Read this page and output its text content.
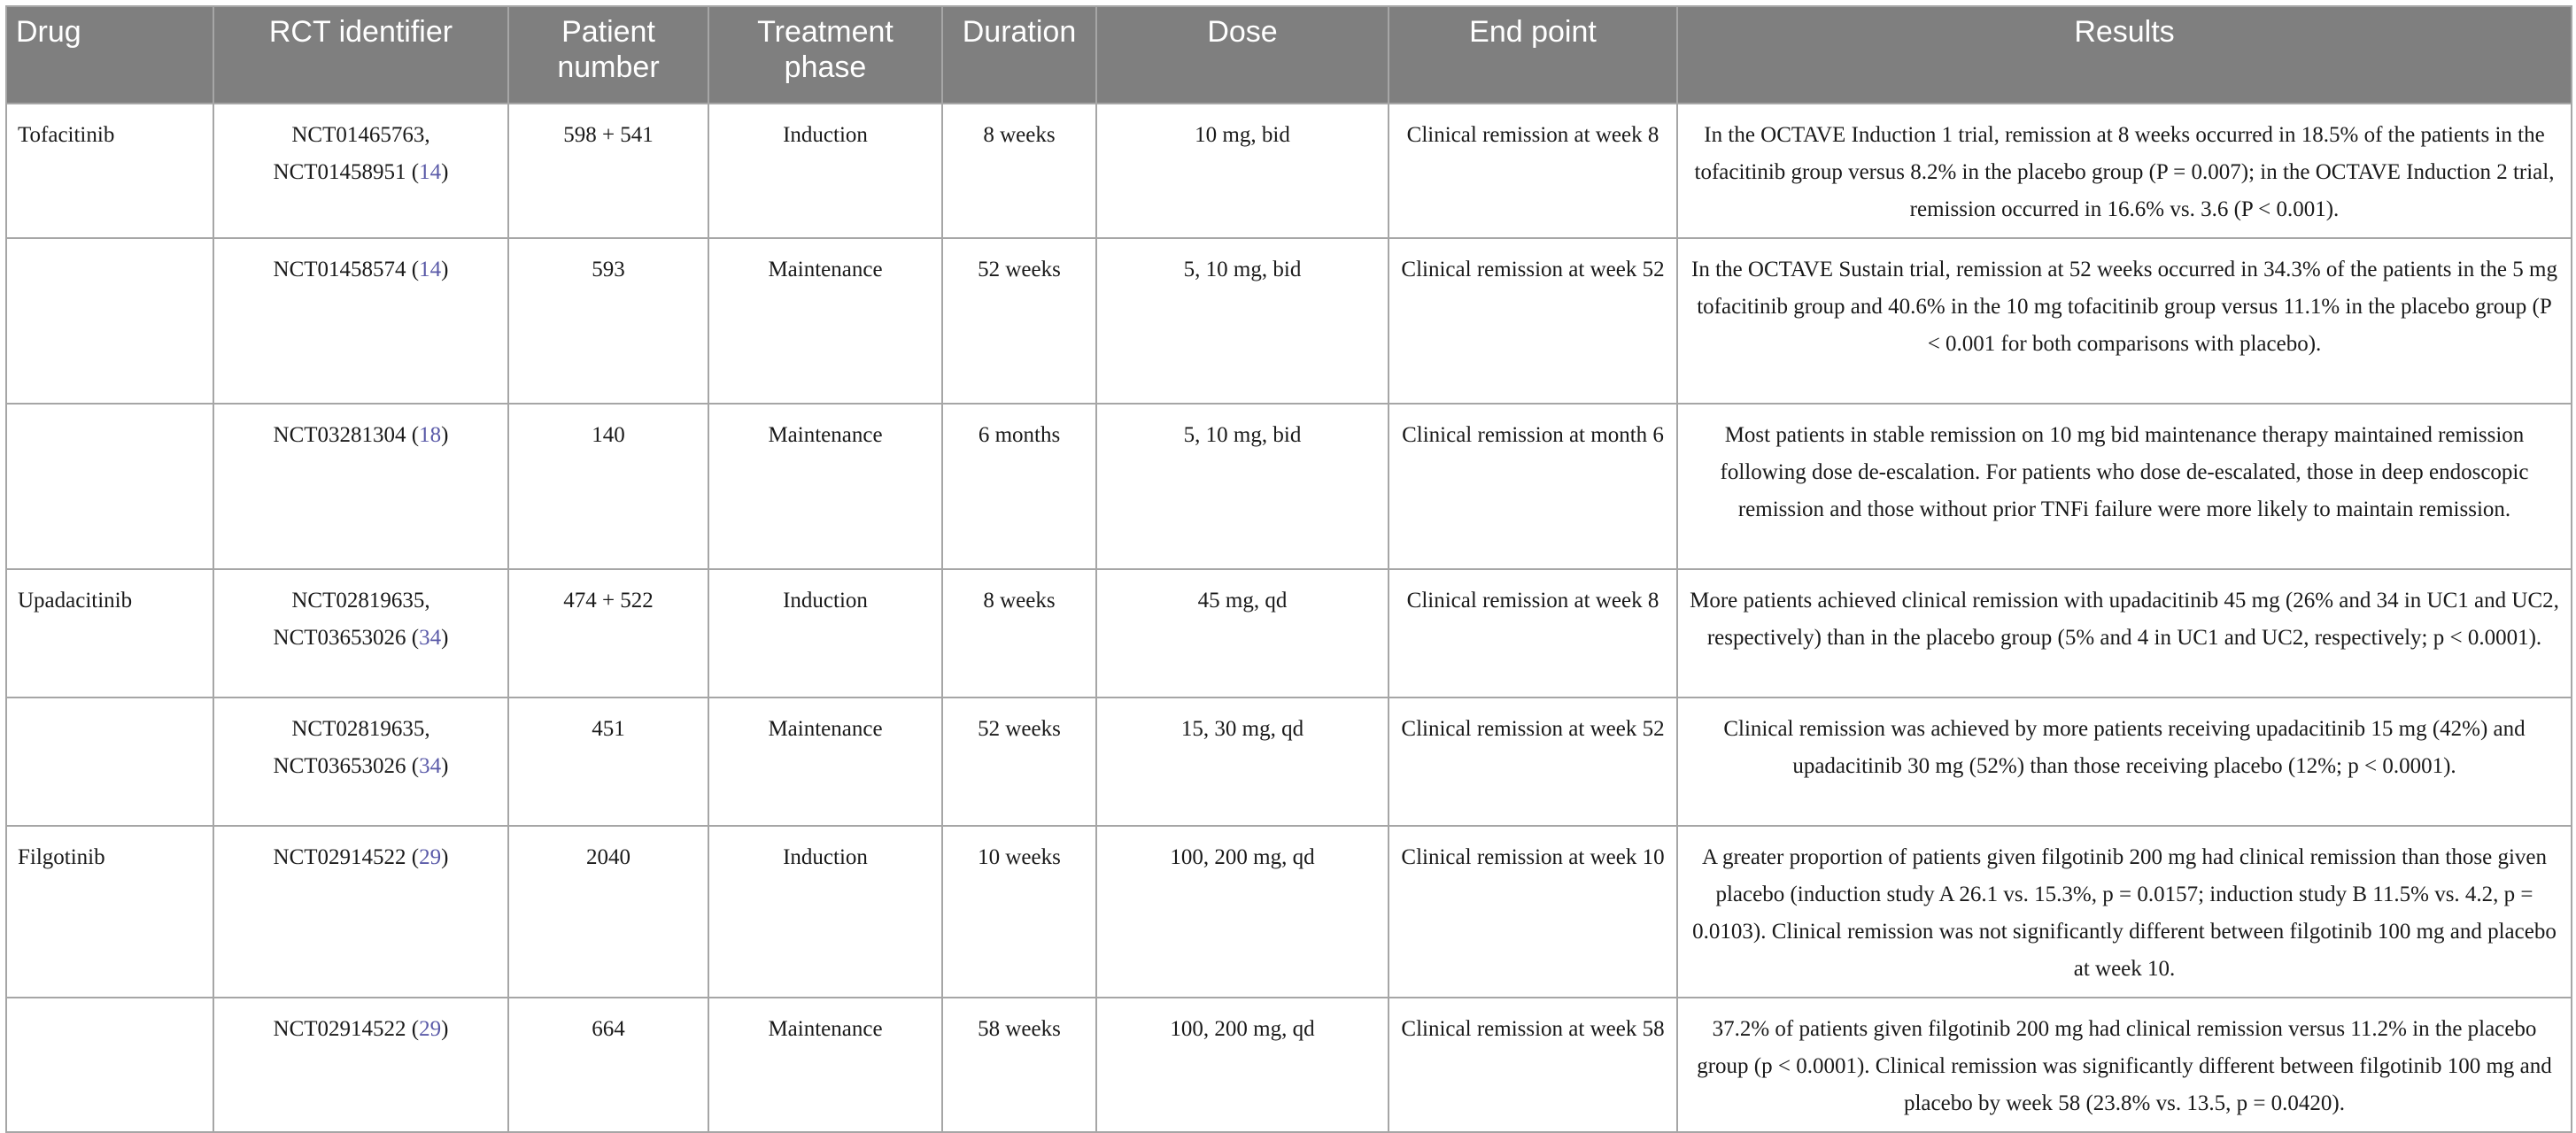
Drug	RCT identifier	Patient number	Treatment phase	Duration	Dose	End point	Results
Tofacitinib	NCT01465763, NCT01458951 (14)	598 + 541	Induction	8 weeks	10 mg, bid	Clinical remission at week 8	In the OCTAVE Induction 1 trial, remission at 8 weeks occurred in 18.5% of the patients in the tofacitinib group versus 8.2% in the placebo group (P = 0.007); in the OCTAVE Induction 2 trial, remission occurred in 16.6% vs. 3.6 (P < 0.001).
	NCT01458574 (14)	593	Maintenance	52 weeks	5, 10 mg, bid	Clinical remission at week 52	In the OCTAVE Sustain trial, remission at 52 weeks occurred in 34.3% of the patients in the 5 mg tofacitinib group and 40.6% in the 10 mg tofacitinib group versus 11.1% in the placebo group (P < 0.001 for both comparisons with placebo).
	NCT03281304 (18)	140	Maintenance	6 months	5, 10 mg, bid	Clinical remission at month 6	Most patients in stable remission on 10 mg bid maintenance therapy maintained remission following dose de-escalation. For patients who dose de-escalated, those in deep endoscopic remission and those without prior TNFi failure were more likely to maintain remission.
Upadacitinib	NCT02819635, NCT03653026 (34)	474 + 522	Induction	8 weeks	45 mg, qd	Clinical remission at week 8	More patients achieved clinical remission with upadacitinib 45 mg (26% and 34 in UC1 and UC2, respectively) than in the placebo group (5% and 4 in UC1 and UC2, respectively; p < 0.0001).
	NCT02819635, NCT03653026 (34)	451	Maintenance	52 weeks	15, 30 mg, qd	Clinical remission at week 52	Clinical remission was achieved by more patients receiving upadacitinib 15 mg (42%) and upadacitinib 30 mg (52%) than those receiving placebo (12%; p < 0.0001).
Filgotinib	NCT02914522 (29)	2040	Induction	10 weeks	100, 200 mg, qd	Clinical remission at week 10	A greater proportion of patients given filgotinib 200 mg had clinical remission than those given placebo (induction study A 26.1 vs. 15.3%, p = 0.0157; induction study B 11.5% vs. 4.2, p = 0.0103). Clinical remission was not significantly different between filgotinib 100 mg and placebo at week 10.
	NCT02914522 (29)	664	Maintenance	58 weeks	100, 200 mg, qd	Clinical remission at week 58	37.2% of patients given filgotinib 200 mg had clinical remission versus 11.2% in the placebo group (p < 0.0001). Clinical remission was significantly different between filgotinib 100 mg and placebo by week 58 (23.8% vs. 13.5, p = 0.0420).
